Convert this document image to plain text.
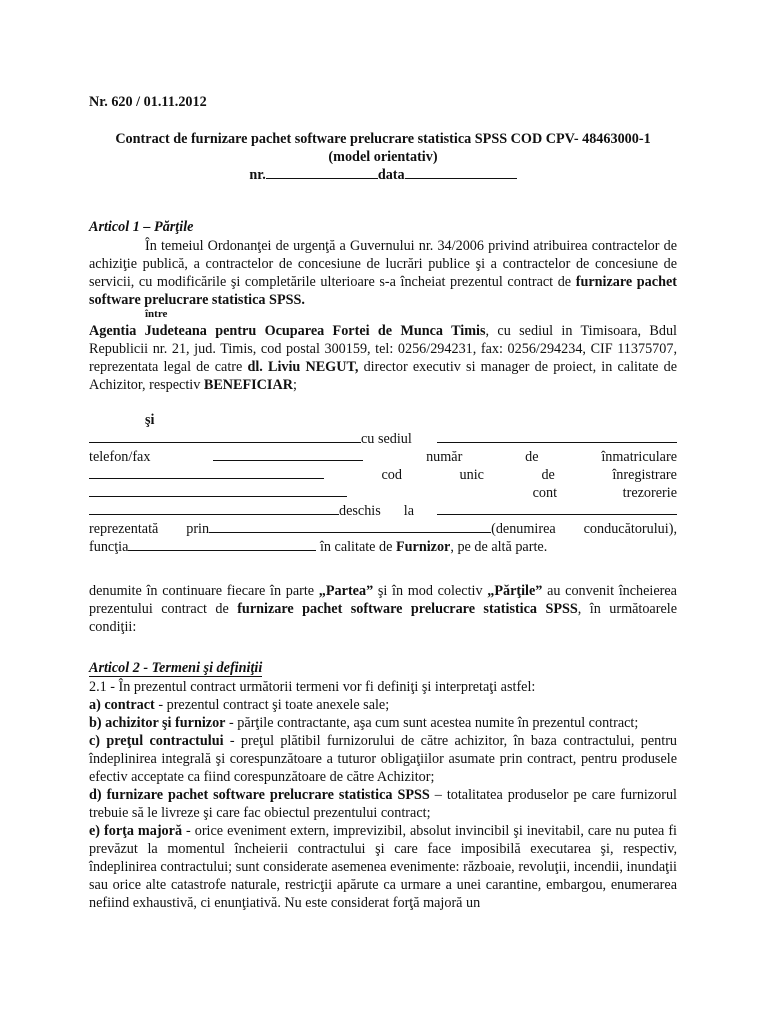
Nr. 620 / 01.11.2012

Contract de furnizare pachet software prelucrare statistica SPSS COD CPV- 48463000-1

(model orientativ)

nr.	data

Articol 1 – Părţile
În temeiul Ordonanţei de urgenţă a Guvernului nr. 34/2006 privind atribuirea contractelor de achiziţie publică, a contractelor de concesiune de lucrări publice şi a contractelor de concesiune de servicii, cu modificările şi completările ulterioare s-a încheiat prezentul contract de furnizare pachet software prelucrare statistica SPSS.
între
Agentia Judeteana pentru Ocuparea Fortei de Munca Timis, cu sediul in Timisoara, Bdul Republicii nr. 21, jud. Timis, cod postal 300159, tel: 0256/294231, fax: 0256/294234, CIF 11375707, reprezentata legal de catre dl. Liviu NEGUT, director executiv si manager de proiect, in calitate de Achizitor, respectiv BENEFICIAR;
şi
cu sediul
telefon/fax	număr	de	înmatriculare
cod	unic	de	înregistrare
cont	trezorerie
deschis la
reprezentată prin	(denumirea conducătorului),
funcţia	în calitate de Furnizor, pe de altă parte.
denumite în continuare fiecare în parte „Partea” şi în mod colectiv „Părţile” au convenit încheierea prezentului contract de furnizare pachet software prelucrare statistica SPSS, în următoarele condiţii:
Articol 2 - Termeni şi definiţii

2.1 - În prezentul contract următorii termeni vor fi definiţi şi interpretaţi astfel:

a) contract - prezentul contract şi toate anexele sale;

b) achizitor şi furnizor - părţile contractante, aşa cum sunt acestea numite în prezentul contract;

c) preţul contractului - preţul plătibil furnizorului de către achizitor, în baza contractului, pentru îndeplinirea integrală şi corespunzătoare a tuturor obligaţiilor asumate prin contract, pentru produsele efectiv acceptate ca fiind corespunzătoare de către Achizitor;

d) furnizare pachet software prelucrare statistica SPSS – totalitatea produselor pe care furnizorul trebuie să le livreze şi care fac obiectul prezentului contract;

e) forţa majoră - orice eveniment extern, imprevizibil, absolut invincibil şi inevitabil, care nu putea fi prevăzut la momentul încheierii contractului şi care face imposibilă executarea şi, respectiv, îndeplinirea contractului; sunt considerate asemenea evenimente: războaie, revoluţii, incendii, inundaţii sau orice alte catastrofe naturale, restricţii apărute ca urmare a unei carantine, embargou, enumerarea nefiind exhaustivă, ci enunţiativă. Nu este considerat forţă majoră un
